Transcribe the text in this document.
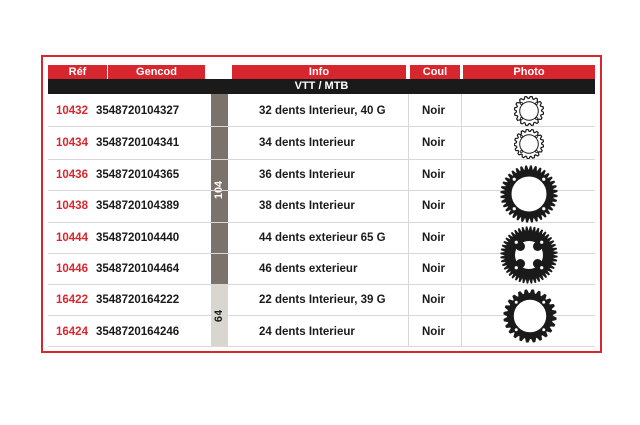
Réf	Gencod	Info	Coul	Photo
VTT / MTB
104
64
10432 3548720104327	32 dents Interieur, 40 G	Noir
10434 3548720104341	34 dents Interieur	Noir
10436 3548720104365	36 dents Interieur	Noir
10438 3548720104389	38 dents Interieur	Noir
10444 3548720104440	44 dents exterieur 65 G	Noir
10446 3548720104464	46 dents exterieur	Noir
16422 3548720164222	22 dents Interieur, 39 G	Noir
16424 3548720164246	24 dents Interieur	Noir
